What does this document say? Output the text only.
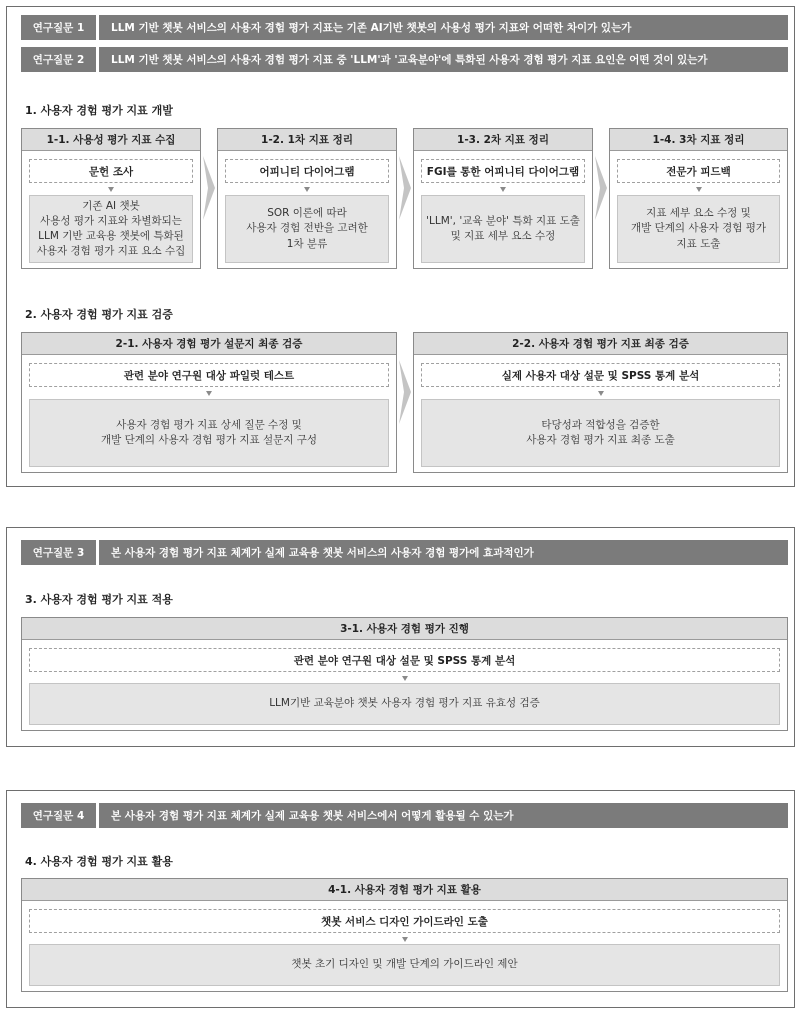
연구질문 1	LLM 기반 챗봇 서비스의 사용자 경험 평가 지표는 기존 AI기반 챗봇의 사용성 평가 지표와 어떠한 차이가 있는가
연구질문 2	LLM 기반 챗봇 서비스의 사용자 경험 평가 지표 중 'LLM'과 '교육분야'에 특화된 사용자 경험 평가 지표 요인은 어떤 것이 있는가
1. 사용자 경험 평가 지표 개발
1-1. 사용성 평가 지표 수집
문헌 조사
기존 AI 챗봇
사용성 평가 지표와 차별화되는
LLM 기반 교육용 챗봇에 특화된
사용자 경험 평가 지표 요소 수집
1-2. 1차 지표 정리
어피니티 다이어그램
SOR 이론에 따라
사용자 경험 전반을 고려한
1차 분류
1-3. 2차 지표 정리
FGI를 통한 어피니티 다이어그램
'LLM', '교육 분야' 특화 지표 도출
및 지표 세부 요소 수정
1-4. 3차 지표 정리
전문가 피드백
지표 세부 요소 수정 및
개발 단계의 사용자 경험 평가
지표 도출
2. 사용자 경험 평가 지표 검증
2-1. 사용자 경험 평가 설문지 최종 검증
관련 분야 연구원 대상 파일럿 테스트
사용자 경험 평가 지표 상세 질문 수정 및
개발 단계의 사용자 경험 평가 지표 설문지 구성
2-2. 사용자 경험 평가 지표 최종 검증
실제 사용자 대상 설문 및 SPSS 통계 분석
타당성과 적합성을 검증한
사용자 경험 평가 지표 최종 도출
연구질문 3	본 사용자 경험 평가 지표 체계가 실제 교육용 챗봇 서비스의 사용자 경험 평가에 효과적인가
3. 사용자 경험 평가 지표 적용
3-1. 사용자 경험 평가 진행
관련 분야 연구원 대상 설문 및 SPSS 통계 분석
LLM기반 교육분야 챗봇 사용자 경험 평가 지표 유효성 검증
연구질문 4	본 사용자 경험 평가 지표 체계가 실제 교육용 챗봇 서비스에서 어떻게 활용될 수 있는가
4. 사용자 경험 평가 지표 활용
4-1. 사용자 경험 평가 지표 활용
챗봇 서비스 디자인 가이드라인 도출
챗봇 초기 디자인 및 개발 단계의 가이드라인 제안
